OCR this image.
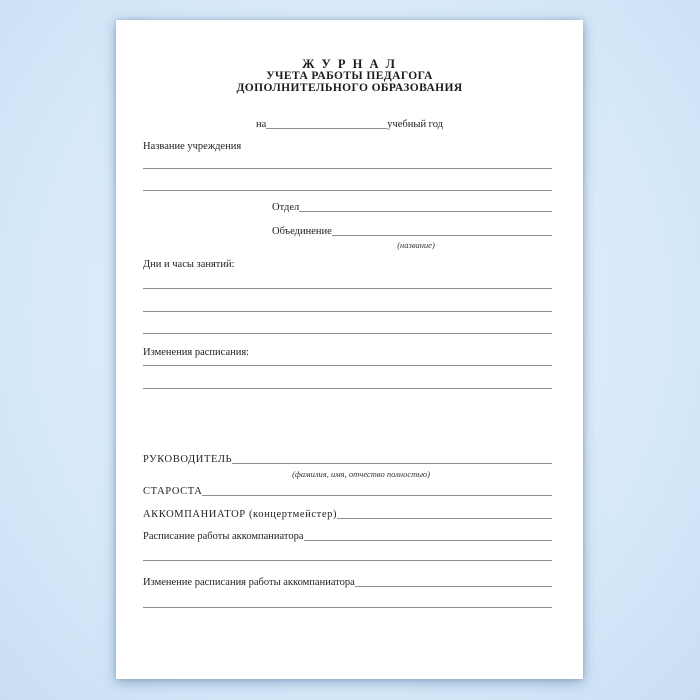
Ж У Р Н А Л
УЧЕТА РАБОТЫ ПЕДАГОГА
ДОПОЛНИТЕЛЬНОГО ОБРАЗОВАНИЯ
на	учебный год
Название учреждения
Отдел
Объединение
(название)
Дни и часы занятий:
Изменения расписания:
РУКОВОДИТЕЛЬ
(фамилия, имя, отчество полностью)
СТАРОСТА
АККОМПАНИАТОР (концертмейстер)
Расписание работы аккомпаниатора
Изменение расписания работы аккомпаниатора
